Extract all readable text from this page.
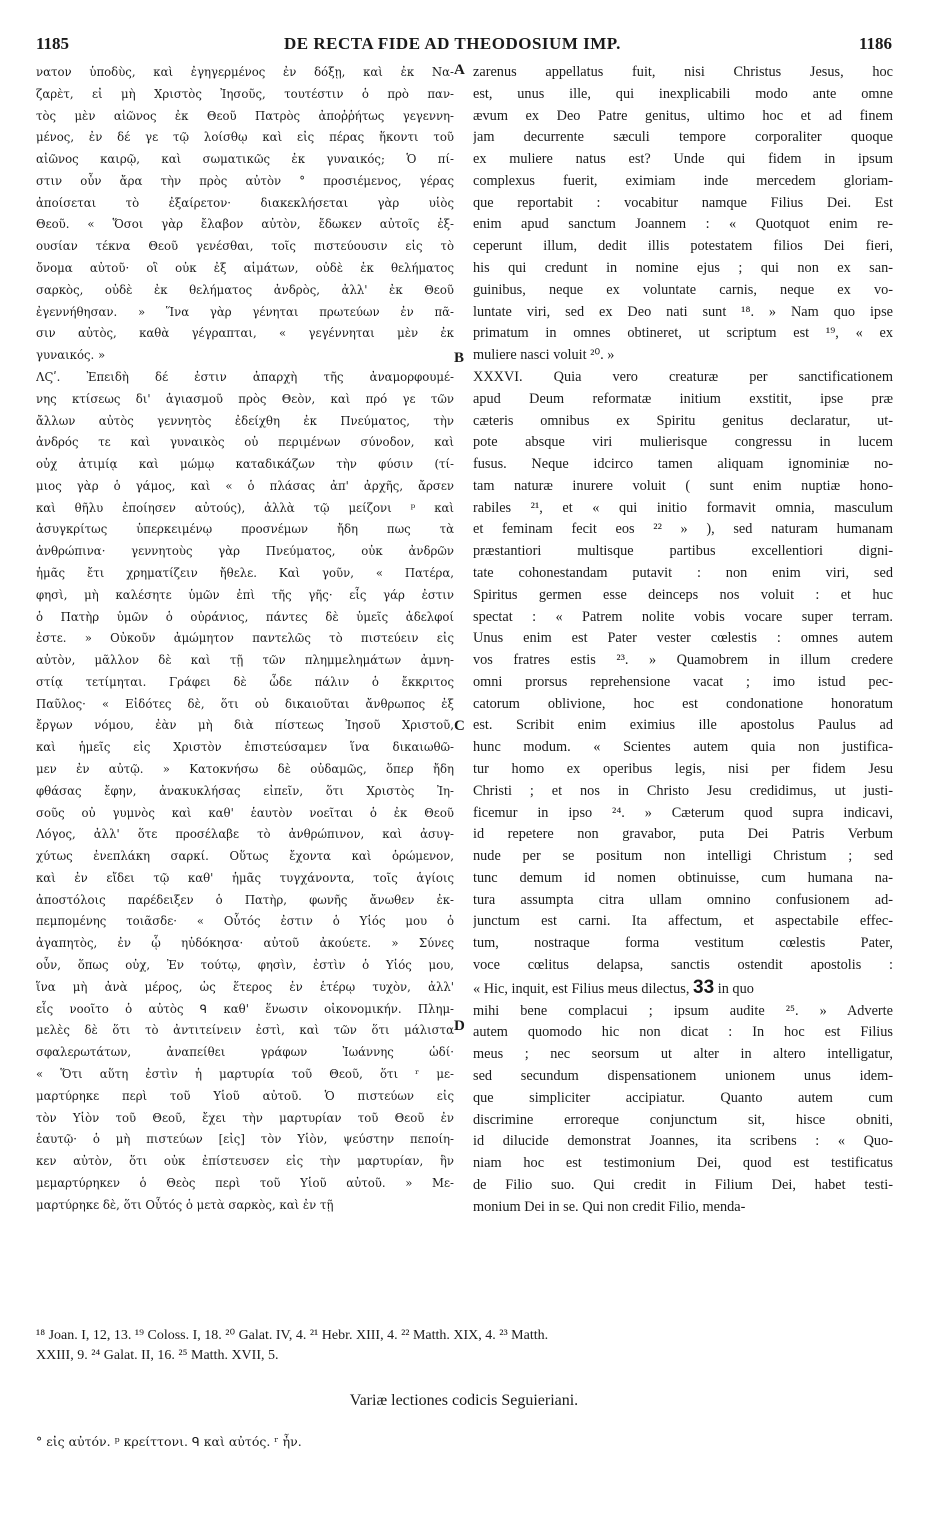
1185	DE RECTA FIDE AD THEODOSIUM IMP.	1186
νατον ὑποδὺς, καὶ ἐγηγερμένος ἐν δόξῃ, καὶ ἐκ Να-
ζαρὲτ, εἰ μὴ Χριστὸς Ἰησοῦς, τουτέστιν ὁ πρὸ παν-
τὸς μὲν αἰῶνος ἐκ Θεοῦ Πατρὸς ἀποῤῥήτως γεγεννη-
μένος, ἐν δέ γε τῷ λοίσθῳ καὶ εἰς πέρας ἥκοντι τοῦ
αἰῶνος καιρῷ, καὶ σωματικῶς ἐκ γυναικός; Ὁ πί-
στιν οὖν ἄρα τὴν πρὸς αὐτὸν ° προσιέμενος, γέρας
ἀποίσεται τὸ ἐξαίρετον· διακεκλήσεται γὰρ υἱὸς
Θεοῦ. « Ὅσοι γὰρ ἔλαβον αὐτὸν, ἔδωκεν αὐτοῖς ἐξ-
ουσίαν τέκνα Θεοῦ γενέσθαι, τοῖς πιστεύουσιν εἰς τὸ
ὄνομα αὐτοῦ· οἳ οὐκ ἐξ αἱμάτων, οὐδὲ ἐκ θελήματος
σαρκὸς, οὐδὲ ἐκ θελήματος ἀνδρὸς, ἀλλ' ἐκ Θεοῦ
ἐγεννήθησαν. » Ἵνα γὰρ γένηται πρωτεύων ἐν πᾶ-
σιν αὐτὸς, καθὰ γέγραπται, « γεγέννηται μὲν ἐκ
γυναικός. »
ΛϚʹ. Ἐπειδὴ δέ ἐστιν ἀπαρχὴ τῆς ἀναμορφουμέ-
νης κτίσεως δι' ἁγιασμοῦ πρὸς Θεὸν, καὶ πρό γε τῶν
ἄλλων αὐτὸς γεννητὸς ἐδείχθη ἐκ Πνεύματος, τὴν
ἀνδρός τε καὶ γυναικὸς οὐ περιμένων σύνοδον, καὶ
οὐχ ἀτιμίᾳ καὶ μώμῳ καταδικάζων τὴν φύσιν (τί-
μιος γὰρ ὁ γάμος, καὶ « ὁ πλάσας ἀπ' ἀρχῆς, ἄρσεν
καὶ θῆλυ ἐποίησεν αὐτούς), ἀλλὰ τῷ μείζονι ᵖ καὶ
ἀσυγκρίτως ὑπερκειμένῳ προσνέμων ἤδη πως τὰ
ἀνθρώπινα· γεννητοὺς γὰρ Πνεύματος, οὐκ ἀνδρῶν
ἡμᾶς ἔτι χρηματίζειν ἤθελε. Καὶ γοῦν, « Πατέρα,
φησὶ, μὴ καλέσητε ὑμῶν ἐπὶ τῆς γῆς· εἷς γάρ ἐστιν
ὁ Πατὴρ ὑμῶν ὁ οὐράνιος, πάντες δὲ ὑμεῖς ἀδελφοί
ἐστε. » Οὐκοῦν ἀμώμητον παντελῶς τὸ πιστεύειν εἰς
αὐτὸν, μᾶλλον δὲ καὶ τῇ τῶν πλημμελημάτων ἀμνη-
στίᾳ τετίμηται. Γράφει δὲ ὧδε πάλιν ὁ ἔκκριτος
Παῦλος· « Εἰδότες δὲ, ὅτι οὐ δικαιοῦται ἄνθρωπος ἐξ
ἔργων νόμου, ἐὰν μὴ διὰ πίστεως Ἰησοῦ Χριστοῦ,
καὶ ἡμεῖς εἰς Χριστὸν ἐπιστεύσαμεν ἵνα δικαιωθῶ-
μεν ἐν αὐτῷ. » Κατοκνήσω δὲ οὐδαμῶς, ὅπερ ἤδη
φθάσας ἔφην, ἀνακυκλήσας εἰπεῖν, ὅτι Χριστὸς Ἰη-
σοῦς οὐ γυμνὸς καὶ καθ' ἑαυτὸν νοεῖται ὁ ἐκ Θεοῦ
Λόγος, ἀλλ' ὅτε προσέλαβε τὸ ἀνθρώπινον, καὶ ἀσυγ-
χύτως ἐνεπλάκη σαρκί. Οὕτως ἔχοντα καὶ ὁρώμενον,
καὶ ἐν εἴδει τῷ καθ' ἡμᾶς τυγχάνοντα, τοῖς ἁγίοις
ἀποστόλοις παρέδειξεν ὁ Πατὴρ, φωνῆς ἄνωθεν ἐκ-
πεμπομένης τοιᾶσδε· « Οὗτός ἐστιν ὁ Υἱός μου ὁ
ἀγαπητὸς, ἐν ᾧ ηὐδόκησα· αὐτοῦ ἀκούετε. » Σύνες
οὖν, ὅπως οὐχ, Ἐν τούτῳ, φησὶν, ἐστὶν ὁ Υἱός μου,
ἵνα μὴ ἀνὰ μέρος, ὡς ἕτερος ἐν ἑτέρῳ τυχὸν, ἀλλ'
εἷς νοοῖτο ὁ αὐτὸς ᑫ καθ' ἕνωσιν οἰκονομικήν. Πλημ-
μελὲς δὲ ὅτι τὸ ἀντιτείνειν ἐστὶ, καὶ τῶν ὅτι μάλιστα
σφαλερωτάτων, ἀναπείθει γράφων Ἰωάννης ὡδί·
« Ὅτι αὕτη ἐστὶν ἡ μαρτυρία τοῦ Θεοῦ, ὅτι ʳ με-
μαρτύρηκε περὶ τοῦ Υἱοῦ αὐτοῦ. Ὁ πιστεύων εἰς
τὸν Υἱὸν τοῦ Θεοῦ, ἔχει τὴν μαρτυρίαν τοῦ Θεοῦ ἐν
ἑαυτῷ· ὁ μὴ πιστεύων [εἰς] τὸν Υἱὸν, ψεύστην πεποίη-
κεν αὐτὸν, ὅτι οὐκ ἐπίστευσεν εἰς τὴν μαρτυρίαν, ἣν
μεμαρτύρηκεν ὁ Θεὸς περὶ τοῦ Υἱοῦ αὐτοῦ. » Με-
μαρτύρηκε δὲ, ὅτι Οὗτός ὁ μετὰ σαρκὸς, καὶ ἐν τῇ
zarenus appellatus fuit, nisi Christus Jesus, hoc
est, unus ille, qui inexplicabili modo ante omne
ævum ex Deo Patre genitus, ultimo hoc et ad finem
jam decurrente sæculi tempore corporaliter quoque
ex muliere natus est? Unde qui fidem in ipsum
complexus fuerit, eximiam inde mercedem gloriam-
que reportabit : vocabitur namque Filius Dei. Est
enim apud sanctum Joannem : « Quotquot enim re-
ceperunt illum, dedit illis potestatem filios Dei fieri,
his qui credunt in nomine ejus ; qui non ex san-
guinibus, neque ex voluntate carnis, neque ex vo-
luntate viri, sed ex Deo nati sunt ¹⁸. » Nam quo ipse
primatum in omnes obtineret, ut scriptum est ¹⁹, « ex
muliere nasci voluit ²⁰. »
XXXVI. Quia vero creaturæ per sanctificationem
apud Deum reformatæ initium exstitit, ipse præ
cæteris omnibus ex Spiritu genitus declaratur, ut-
pote absque viri mulierisque congressu in lucem
fusus. Neque idcirco tamen aliquam ignominiæ no-
tam naturæ inurere voluit ( sunt enim nuptiæ hono-
rabiles ²¹, et « qui initio formavit omnia, masculum
et feminam fecit eos ²² » ), sed naturam humanam
præstantiori multisque partibus excellentiori digni-
tate cohonestandam putavit : non enim viri, sed
Spiritus germen esse deinceps nos voluit : et huc
spectat : « Patrem nolite vobis vocare super terram.
Unus enim est Pater vester cœlestis : omnes autem
vos fratres estis ²³. » Quamobrem in illum credere
omni prorsus reprehensione vacat ; imo istud pec-
catorum oblivione, hoc est condonatione honoratum
est. Scribit enim eximius ille apostolus Paulus ad
hunc modum. « Scientes autem quia non justifica-
tur homo ex operibus legis, nisi per fidem Jesu
Christi ; et nos in Christo Jesu credidimus, ut justi-
ficemur in ipso ²⁴. » Cæterum quod supra indicavi,
id repetere non gravabor, puta Dei Patris Verbum
nude per se positum non intelligi Christum ; sed
tunc demum id nomen obtinuisse, cum humana na-
tura assumpta citra ullam omnino confusionem ad-
junctum est carni. Ita affectum, et aspectabile effec-
tum, nostraque forma vestitum cœlestis Pater,
voce cœlitus delapsa, sanctis ostendit apostolis :
« Hic, inquit, est Filius meus dilectus, 33 in quo
mihi bene complacui ; ipsum audite ²⁵. » Adverte
autem quomodo hic non dicat : In hoc est Filius
meus ; nec seorsum ut alter in altero intelligatur,
sed secundum dispensationem unionem unus idem-
que simpliciter accipiatur. Quanto autem cum
discrimine erroreque conjunctum sit, hisce obniti,
id dilucide demonstrat Joannes, ita scribens : « Quo-
niam hoc est testimonium Dei, quod est testificatus
de Filio suo. Qui credit in Filium Dei, habet testi-
monium Dei in se. Qui non credit Filio, menda-
A
B
C
D
¹⁸ Joan. I, 12, 13. ¹⁹ Coloss. I, 18. ²⁰ Galat. IV, 4. ²¹ Hebr. XIII, 4. ²² Matth. XIX, 4. ²³ Matth.
XXIII, 9. ²⁴ Galat. II, 16. ²⁵ Matth. XVII, 5.
Variæ lectiones codicis Seguieriani.
° εἰς αὐτόν. ᵖ κρείττονι. ᑫ καὶ αὐτός. ʳ ἦν.
